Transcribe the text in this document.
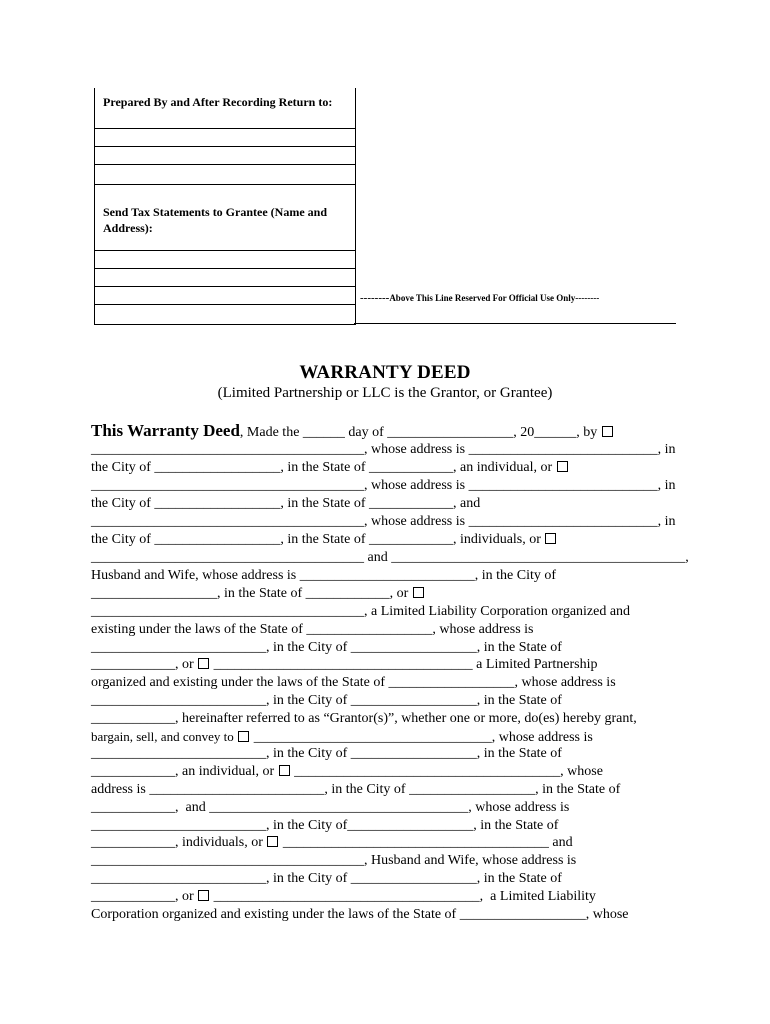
Prepared By and After Recording Return to:
Send Tax Statements to Grantee (Name and Address):
--------Above This Line Reserved For Official Use Only--------
WARRANTY DEED
(Limited Partnership or LLC is the Grantor, or Grantee)
This Warranty Deed, Made the ______ day of __________________, 20______, by
_______________________________________, whose address is ___________________________, in
the City of __________________, in the State of ____________, an individual, or
_______________________________________, whose address is ___________________________, in
the City of __________________, in the State of ____________, and
_______________________________________, whose address is ___________________________, in
the City of __________________, in the State of ____________, individuals, or
_______________________________________ and __________________________________________,
Husband and Wife, whose address is _________________________, in the City of
__________________, in the State of ____________, or
_______________________________________, a Limited Liability Corporation organized and
existing under the laws of the State of __________________, whose address is
_________________________, in the City of __________________, in the State of
____________, or _____________________________________ a Limited Partnership
organized and existing under the laws of the State of __________________, whose address is
_________________________, in the City of __________________, in the State of
____________, hereinafter referred to as “Grantor(s)”, whether one or more, do(es) hereby grant,
bargain, sell, and convey to __________________________________, whose address is
_________________________, in the City of __________________, in the State of
____________, an individual, or ______________________________________, whose
address is _________________________, in the City of __________________, in the State of
____________,  and _____________________________________, whose address is
_________________________, in the City of__________________, in the State of
____________, individuals, or ______________________________________ and
_______________________________________, Husband and Wife, whose address is
_________________________, in the City of __________________, in the State of
____________, or ______________________________________,  a Limited Liability
Corporation organized and existing under the laws of the State of __________________, whose
